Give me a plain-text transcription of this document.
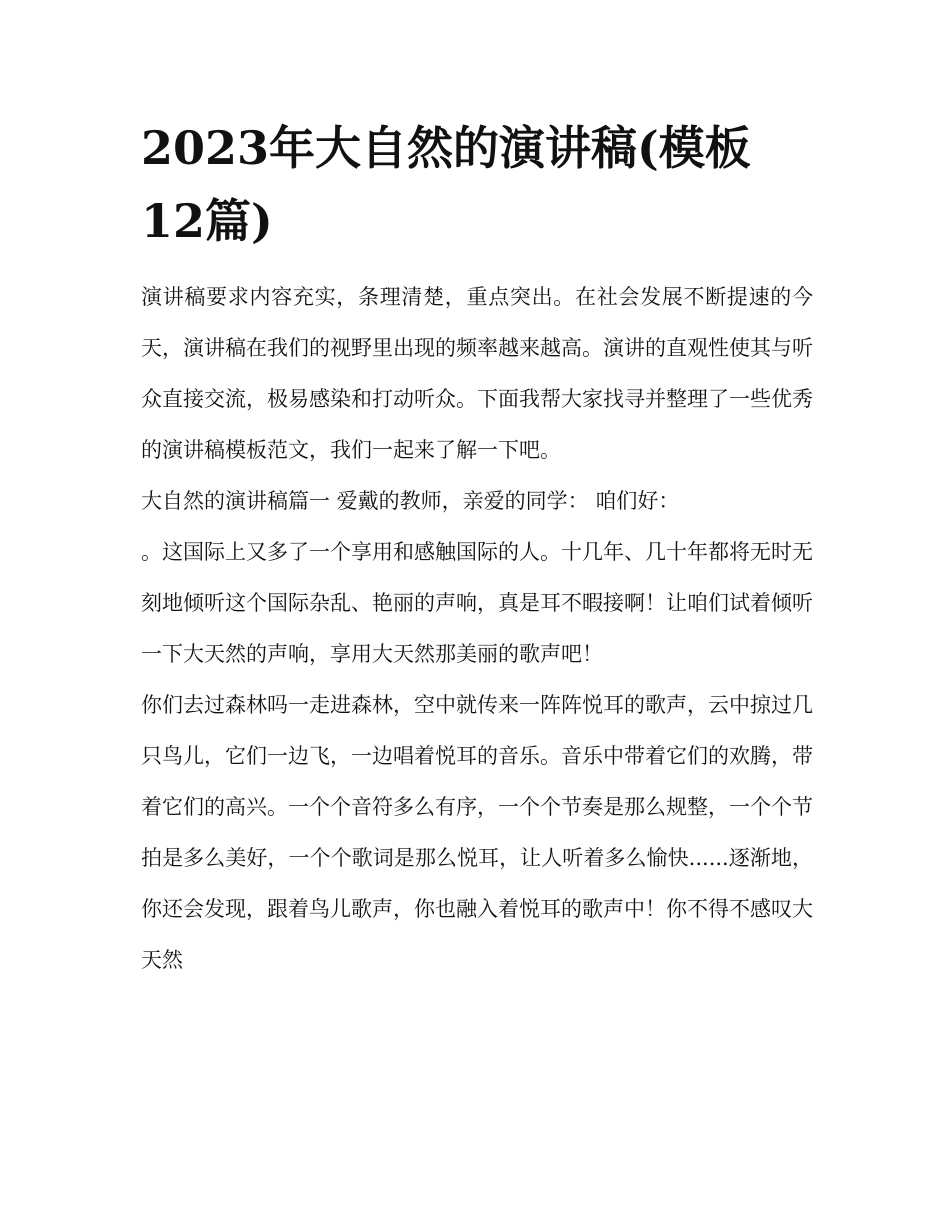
2023年大自然的演讲稿(模板12篇)

演讲稿要求内容充实，条理清楚，重点突出。在社会发展不断提速的今天，演讲稿在我们的视野里出现的频率越来越高。演讲的直观性使其与听众直接交流，极易感染和打动听众。下面我帮大家找寻并整理了一些优秀的演讲稿模板范文，我们一起来了解一下吧。

大自然的演讲稿篇一 爱戴的教师，亲爱的同学： 咱们好：

。这国际上又多了一个享用和感触国际的人。十几年、几十年都将无时无刻地倾听这个国际杂乱、艳丽的声响，真是耳不暇接啊！让咱们试着倾听一下大天然的声响，享用大天然那美丽的歌声吧！

你们去过森林吗一走进森林，空中就传来一阵阵悦耳的歌声，云中掠过几只鸟儿，它们一边飞，一边唱着悦耳的音乐。音乐中带着它们的欢腾，带着它们的高兴。一个个音符多么有序，一个个节奏是那么规整，一个个节拍是多么美好，一个个歌词是那么悦耳，让人听着多么愉快......逐渐地，你还会发现，跟着鸟儿歌声，你也融入着悦耳的歌声中！你不得不感叹大天然
